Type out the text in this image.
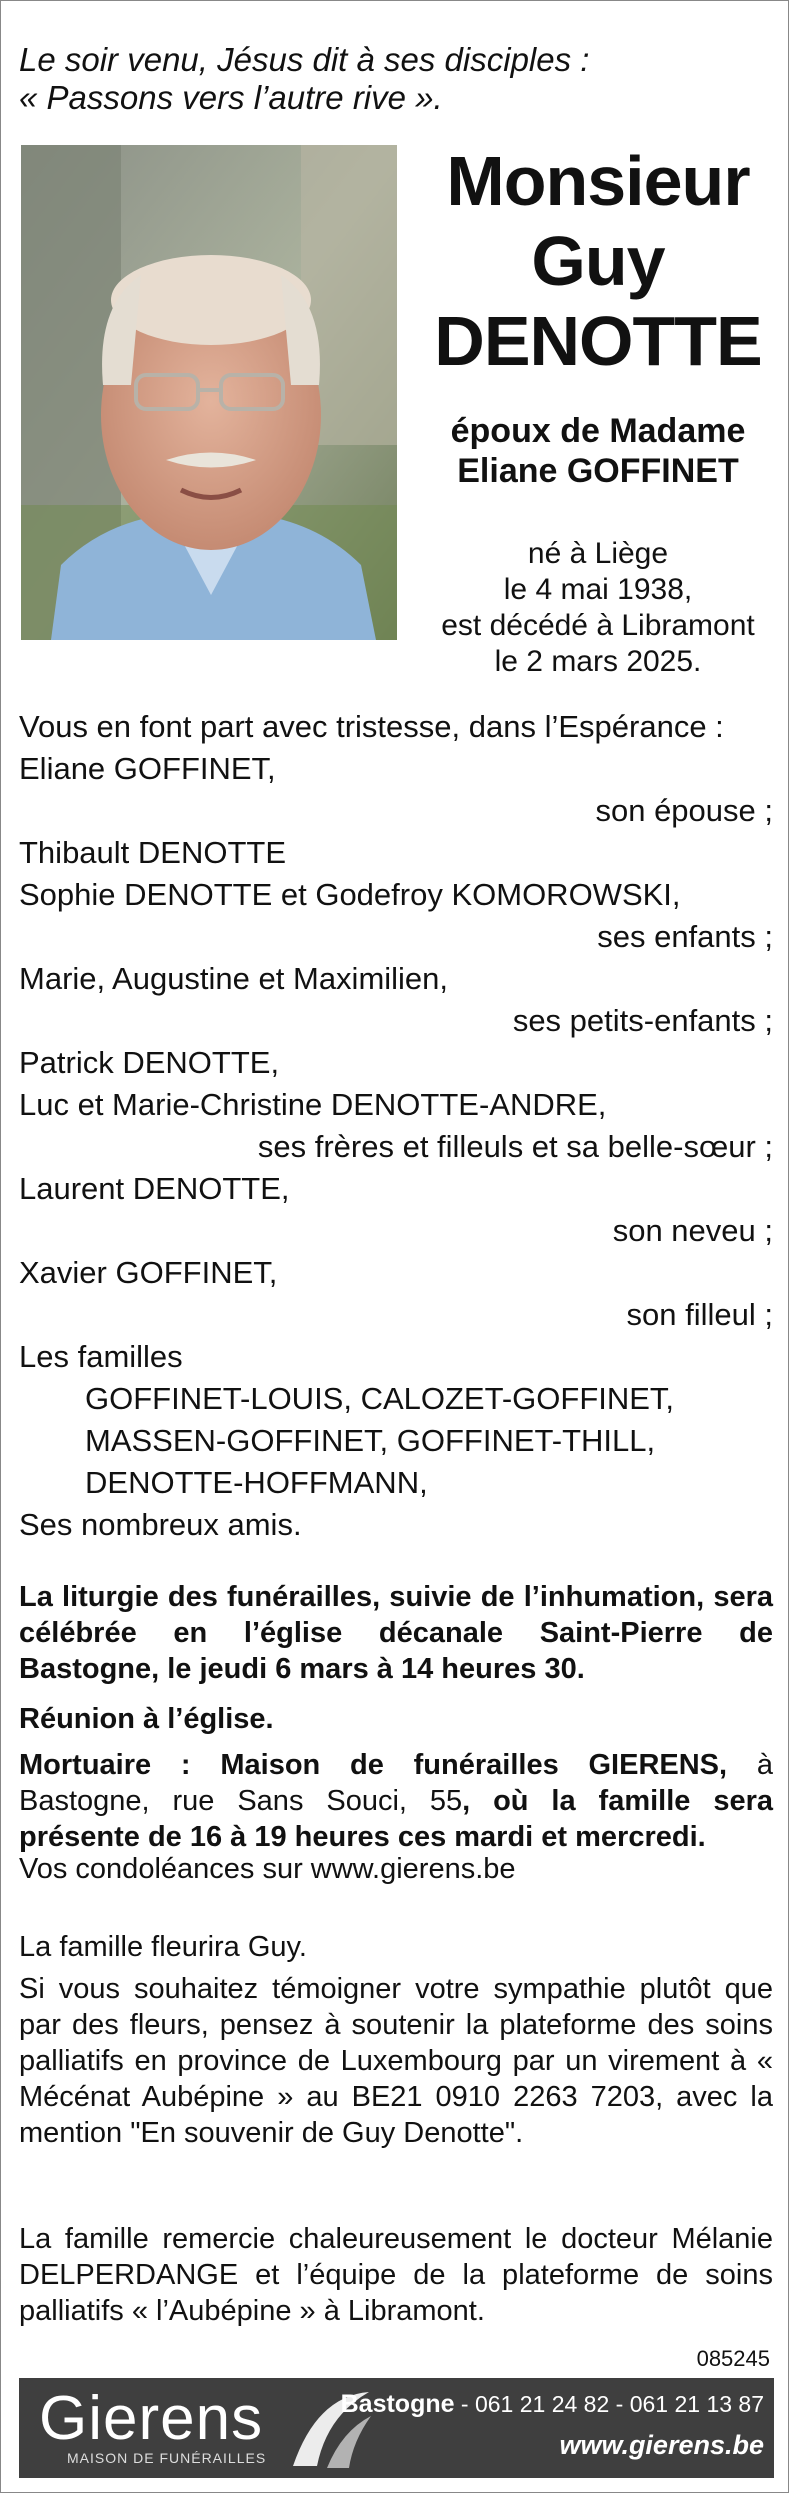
Le soir venu, Jésus dit à ses disciples :
« Passons vers l’autre rive ».
Monsieur
Guy
DENOTTE
époux de Madame
Eliane GOFFINET
né à Liège
le 4 mai 1938,
est décédé à Libramont
le 2 mars 2025.
Vous en font part avec tristesse, dans l’Espérance :
Eliane GOFFINET,
son épouse ;
Thibault DENOTTE
Sophie DENOTTE et Godefroy KOMOROWSKI,
ses enfants ;
Marie, Augustine et Maximilien,
ses petits-enfants ;
Patrick DENOTTE,
Luc et Marie-Christine DENOTTE-ANDRE,
ses frères et filleuls et sa belle-sœur ;
Laurent DENOTTE,
son neveu ;
Xavier GOFFINET,
son filleul ;
Les familles
GOFFINET-LOUIS, CALOZET-GOFFINET,
MASSEN-GOFFINET, GOFFINET-THILL,
DENOTTE-HOFFMANN,
Ses nombreux amis.
La liturgie des funérailles, suivie de l’inhumation, sera célébrée en l’église décanale Saint-Pierre de Bastogne, le jeudi 6 mars à 14 heures 30.
Réunion à l’église.
Mortuaire : Maison de funérailles GIERENS, à Bastogne, rue Sans Souci, 55, où la famille sera présente de 16 à 19 heures ces mardi et mercredi.
Vos condoléances sur www.gierens.be
La famille fleurira Guy.
Si vous souhaitez témoigner votre sympathie plutôt que par des fleurs, pensez à soutenir la plateforme des soins palliatifs en province de Luxembourg par un virement à « Mécénat Aubépine » au BE21 0910 2263 7203, avec la mention "En souvenir de Guy Denotte".
La famille remercie chaleureusement le docteur Mélanie DELPERDANGE et l’équipe de la plateforme de soins palliatifs « l’Aubépine » à Libramont.
085245
Gierens
MAISON DE FUNÉRAILLES
Bastogne - 061 21 24 82 - 061 21 13 87
www.gierens.be
